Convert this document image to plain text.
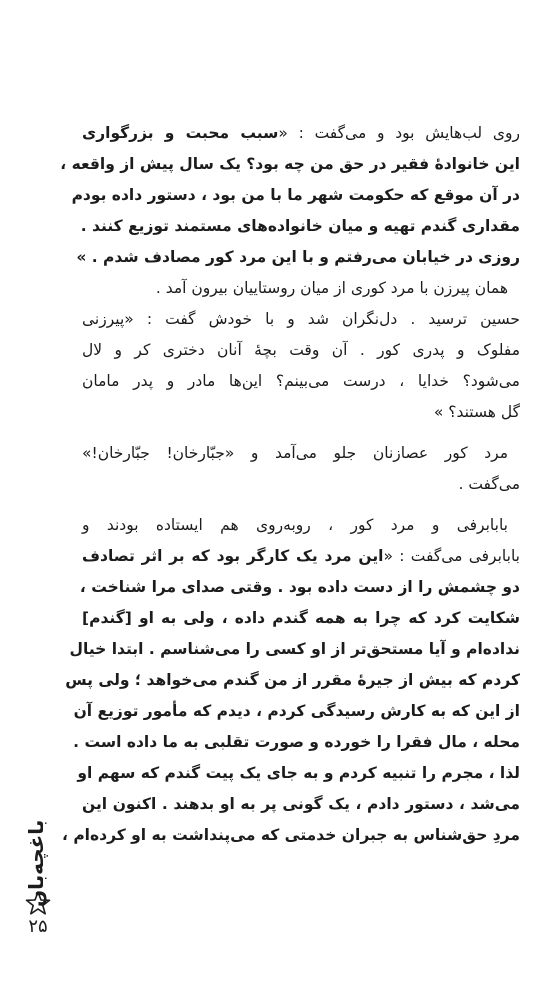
روی لب‌هایش بود و می‌گفت : «سبب محبت و بزرگواری
این خانوادۀ فقیر در حق من چه بود؟ یک سال پیش از واقعه ،
در آن موقع که حکومت شهر ما با من بود ، دستور داده بودم
مقداری گندم تهیه و میان خانواده‌های مستمند توزیع کنند .
روزی در خیابان می‌رفتم و با این مرد کور مصادف شدم . »
همان پیرزن با مرد کوری از میان روستاییان بیرون آمد .
حسین ترسید . دل‌نگران شد و با خودش گفت : «پیرزنی
مفلوک و پدری کور . آن وقت بچۀ آنان دختری کر و لال
می‌شود؟ خدایا ، درست می‌بینم؟ این‌ها مادر و پدر مامان
گل هستند؟ »
مرد کور عصازنان جلو می‌آمد و «جبّارخان! جبّارخان!»
می‌گفت .
بابابرفی و مرد کور ، روبه‌روی هم ایستاده بودند و
بابابرفی می‌گفت : «این مرد یک کارگر بود که بر اثر تصادف
دو چشمش را از دست داده بود . وقتی صدای مرا شناخت ،
شکایت کرد که چرا به همه گندم داده ، ولی به او [گندم]
نداده‌ام و آیا مستحق‌تر از او کسی را می‌شناسم . ابتدا خیال
کردم که بیش از جیرۀ مقرر از من گندم می‌خواهد ؛ ولی پس
از این که به کارش رسیدگی کردم ، دیدم که مأمور توزیع آن
محله ، مال فقرا را خورده و صورت تقلبی به ما داده است .
لذا ، مجرم را تنبیه کردم و به جای یک پیت گندم که سهم او
می‌شد ، دستور دادم ، یک گونی پر به او بدهند . اکنون این
مردِ حق‌شناس به جبران خدمتی که می‌پنداشت به او کرده‌ام ،
باغچه‌بان
۲۵
